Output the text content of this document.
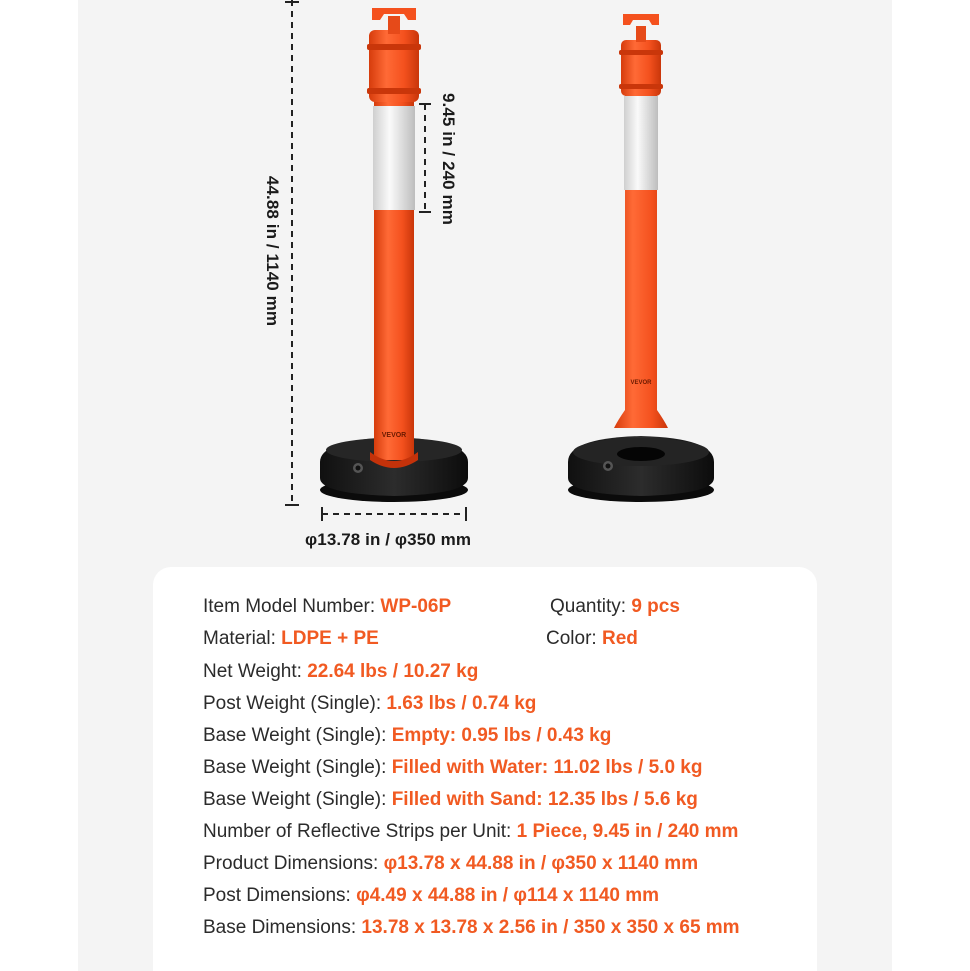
VEVOR
VEVOR
44.88 in / 1140 mm
9.45 in / 240 mm
φ13.78 in / φ350 mm
Item Model Number: WP-06P	Quantity: 9 pcs
Material: LDPE + PE	Color: Red
Net Weight: 22.64 lbs / 10.27 kg
Post Weight (Single): 1.63 lbs / 0.74 kg
Base Weight (Single): Empty: 0.95 lbs / 0.43 kg
Base Weight (Single): Filled with Water: 11.02 lbs / 5.0 kg
Base Weight (Single): Filled with Sand: 12.35 lbs / 5.6 kg
Number of Reflective Strips per Unit: 1 Piece, 9.45 in / 240 mm
Product Dimensions: φ13.78 x 44.88 in / φ350 x 1140 mm
Post Dimensions: φ4.49 x 44.88 in / φ114 x 1140 mm
Base Dimensions: 13.78 x 13.78 x 2.56 in / 350 x 350 x 65 mm
